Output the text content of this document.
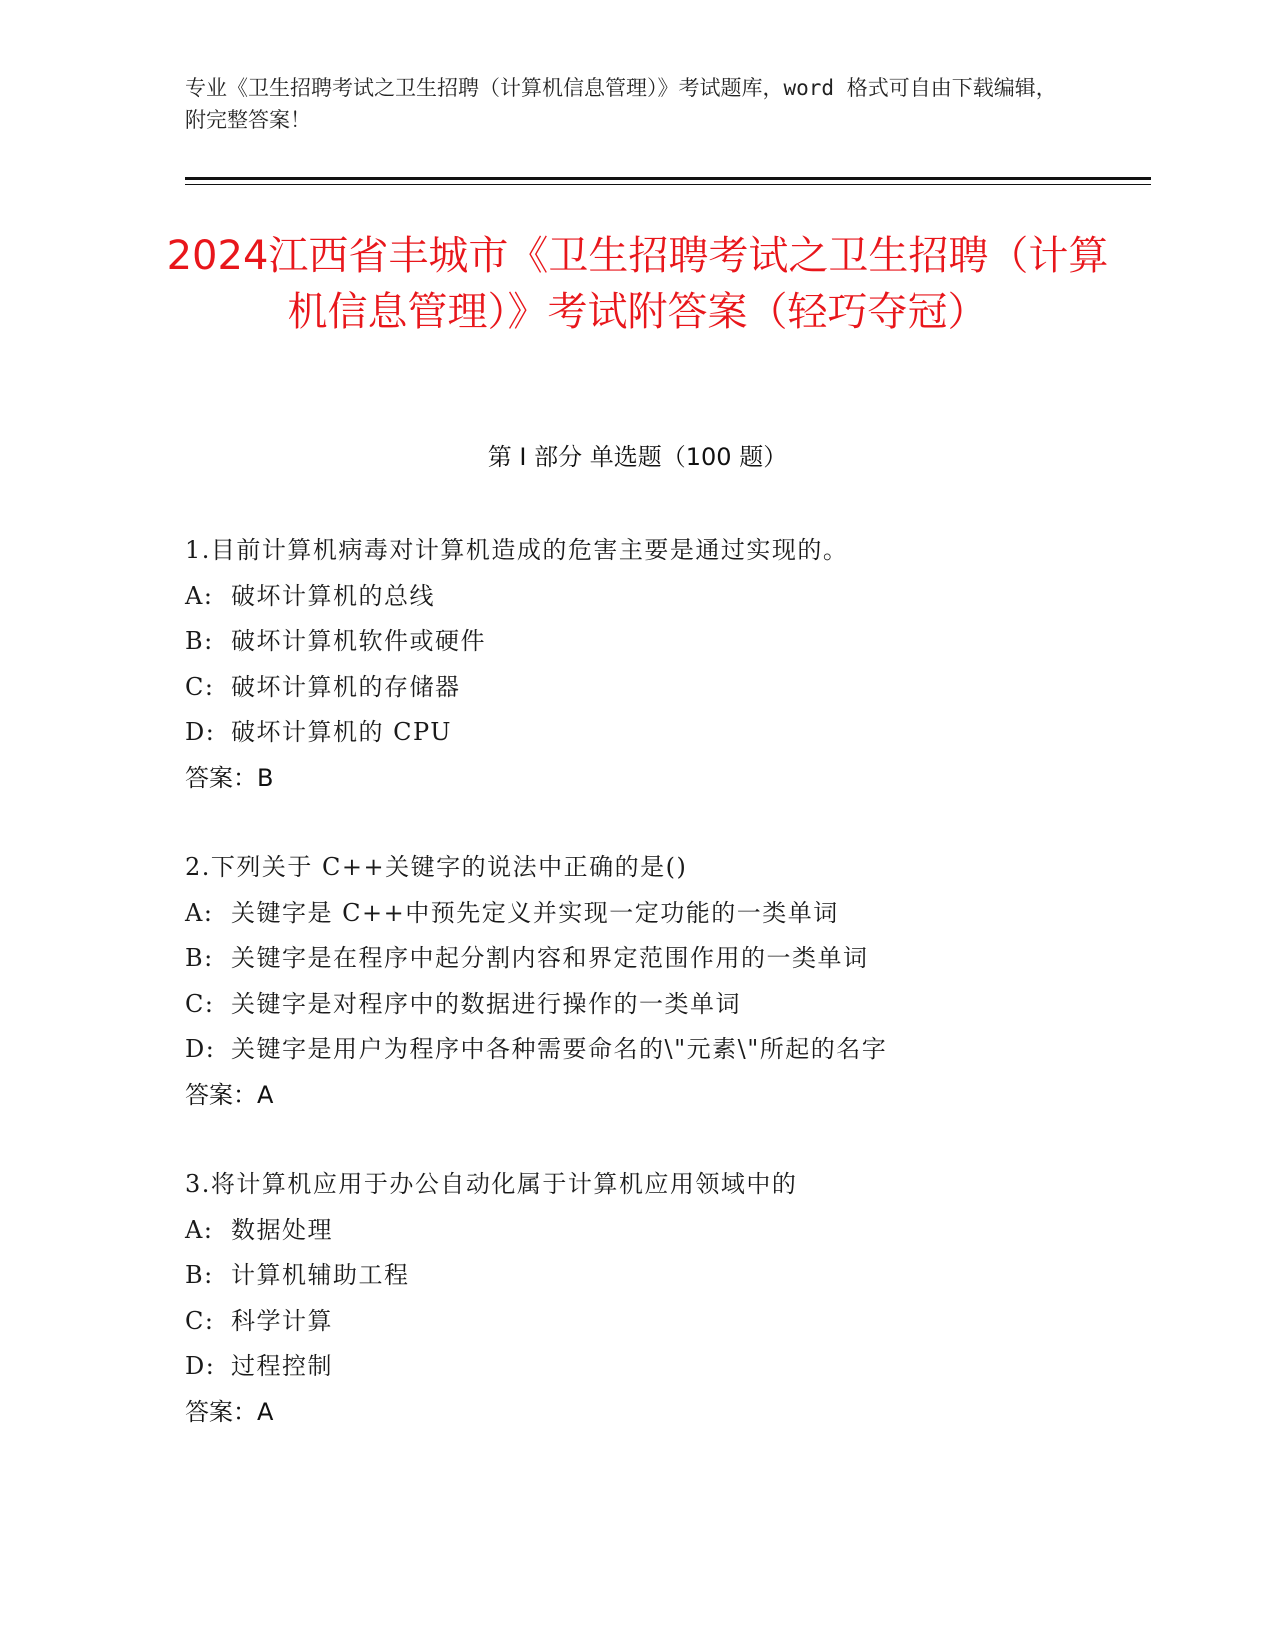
专业《卫生招聘考试之卫生招聘（计算机信息管理）》考试题库，word 格式可自由下载编辑，附完整答案！
2024江西省丰城市《卫生招聘考试之卫生招聘（计算机信息管理）》考试附答案（轻巧夺冠）
第 I 部分 单选题（100 题）
1.目前计算机病毒对计算机造成的危害主要是通过实现的。
A: 破坏计算机的总线
B: 破坏计算机软件或硬件
C: 破坏计算机的存储器
D: 破坏计算机的 CPU
答案：B
2.下列关于 C++关键字的说法中正确的是()
A: 关键字是 C++中预先定义并实现一定功能的一类单词
B: 关键字是在程序中起分割内容和界定范围作用的一类单词
C: 关键字是对程序中的数据进行操作的一类单词
D: 关键字是用户为程序中各种需要命名的\"元素\"所起的名字
答案：A
3.将计算机应用于办公自动化属于计算机应用领域中的
A: 数据处理
B: 计算机辅助工程
C: 科学计算
D: 过程控制
答案：A
